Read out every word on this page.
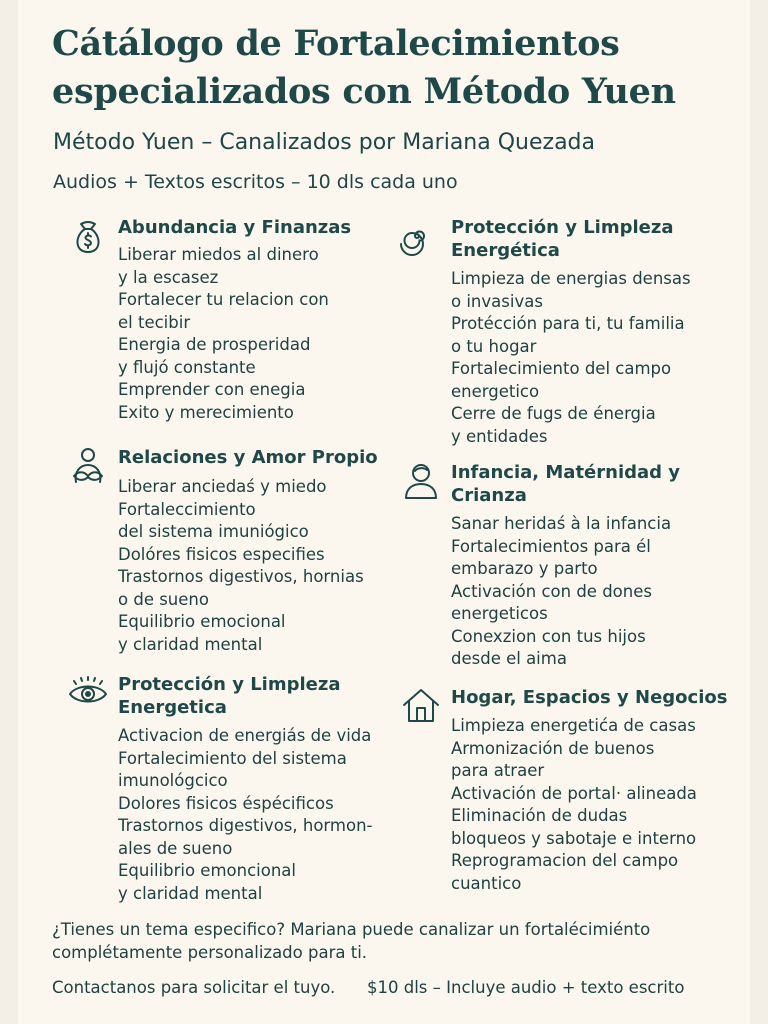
Cátálogo de Fortalecimientos especializados con Método Yuen

Método Yuen – Canalizados por Mariana Quezada

Audios + Textos escritos – 10 dls cada uno

Abundancia y Finanzas
Liberar miedos al dinero
y la escasez
Fortalecer tu relacion con
el tecibir
Energia de prosperidad
y flujó constante
Emprender con enegia
Exito y merecimiento
Protección y Limpleza Energética
Limpieza de energias densas
o invasivas
Protécción para ti, tu familia
o tu hogar
Fortalecimiento del campo
energetico
Cerre de fugs de énergia
y entidades
Relaciones y Amor Propio
Liberar anciedaś y miedo
Fortaleccimiento
del sistema imuniógico
Dolóres fisicos especifies
Trastornos digestivos, hornias
o de sueno
Equilibrio emocional
y claridad mental
Infancia, Matérnidad y Crianza
Sanar heridaś à la infancia
Fortalecimientos para él
embarazo y parto
Activación con de dones
energeticos
Conexzion con tus hijos
desde el aima
Protección y Limpleza Energetica
Activacion de energiás de vida
Fortalecimiento del sistema
imunológcico
Dolores fisicos éspécificos
Trastornos digestivos, hormon-
ales de sueno
Equilibrio emoncional
y claridad mental
Hogar, Espacios y Negocios
Limpieza energetića de casas
Armonización de buenos
para atraer
Activación de portal· alineada
Eliminación de dudas
bloqueos y sabotaje e interno
Reprogramacion del campo
cuantico

¿Tienes un tema especifico? Mariana puede canalizar un fortalécimiénto complétamente personalizado para ti.

Contactanos para solicitar el tuyo. $10 dls – Incluye audio + texto escrito
